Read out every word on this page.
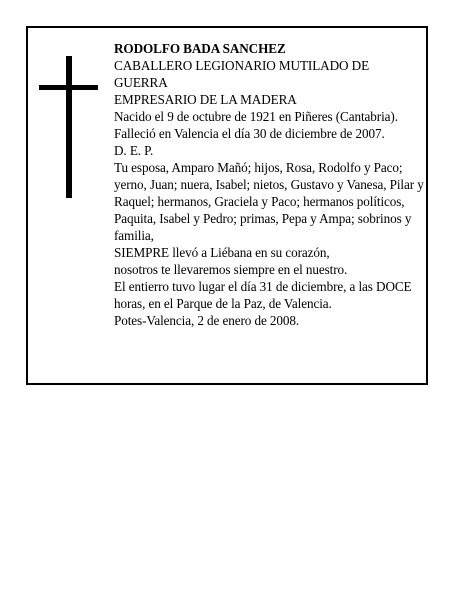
RODOLFO BADA SANCHEZ

CABALLERO LEGIONARIO MUTILADO DE GUERRA

EMPRESARIO DE LA MADERA

Nacido el 9 de octubre de 1921 en Piñeres (Cantabria).

Falleció en Valencia el día 30 de diciembre de 2007.

D. E. P.

Tu esposa, Amparo Mañó; hijos, Rosa, Rodolfo y Paco; yerno, Juan; nuera, Isabel; nietos, Gustavo y Vanesa, Pilar y Raquel; hermanos, Graciela y Paco; hermanos políticos, Paquita, Isabel y Pedro; primas, Pepa y Ampa; sobrinos y familia,

SIEMPRE llevó a Liébana en su corazón,

nosotros te llevaremos siempre en el nuestro.

El entierro tuvo lugar el día 31 de diciembre, a las DOCE horas, en el Parque de la Paz, de Valencia.

Potes-Valencia, 2 de enero de 2008.
